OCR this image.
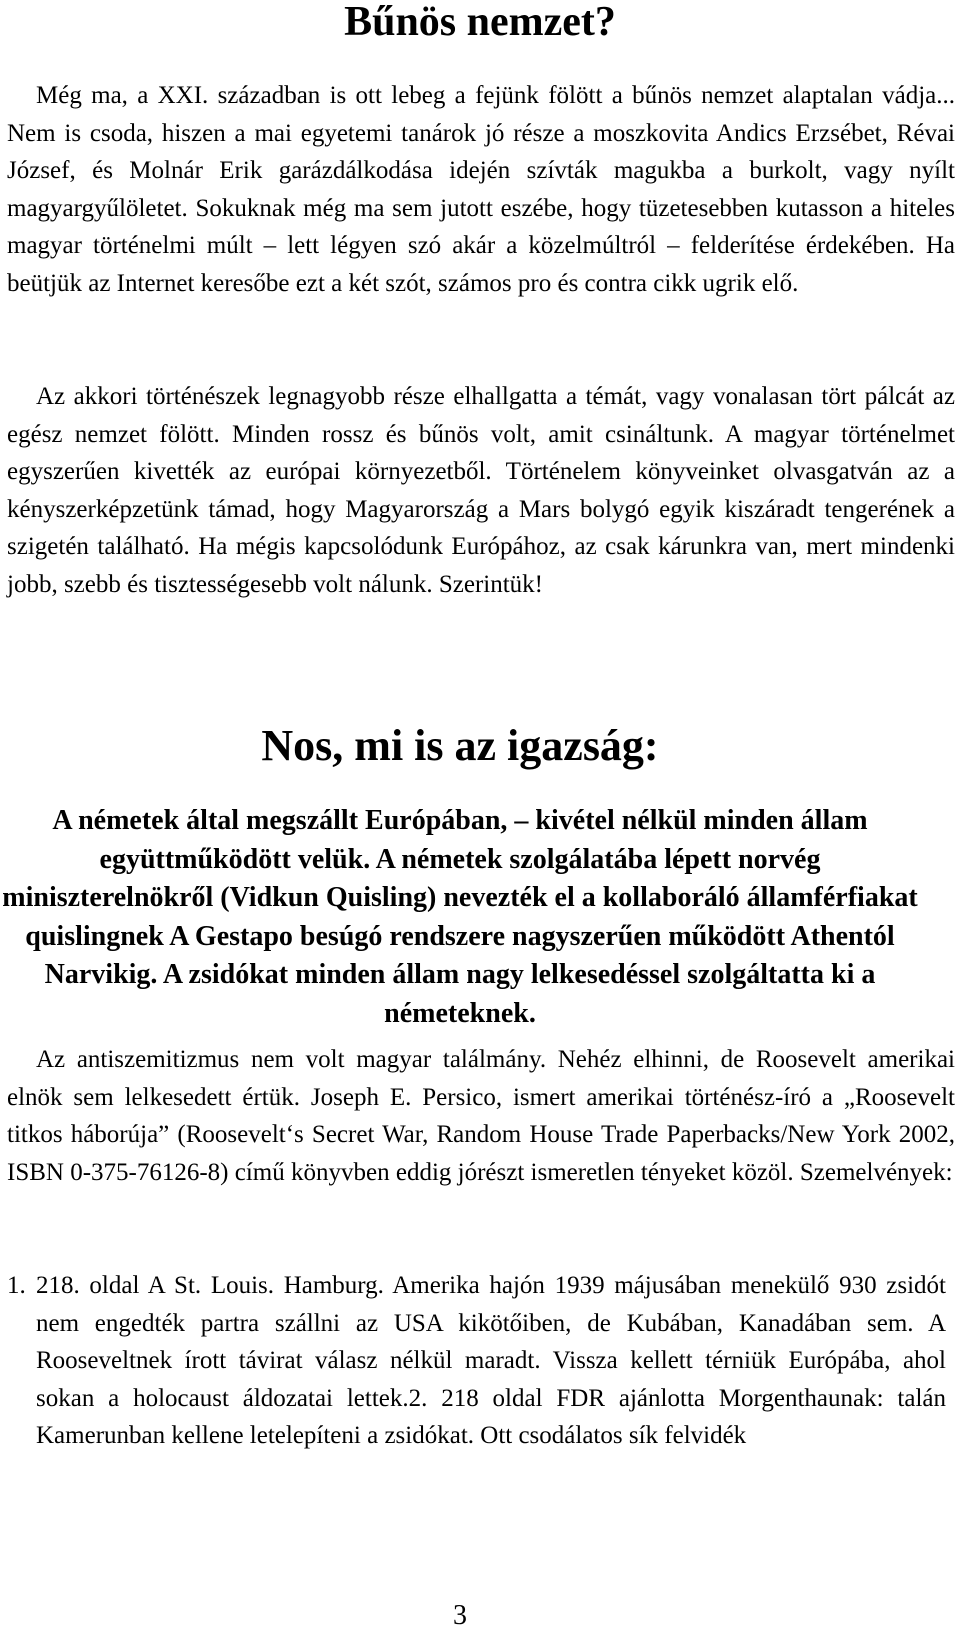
Bűnös nemzet?

Még ma, a XXI. században is ott lebeg a fejünk fölött a bűnös nemzet alaptalan vádja... Nem is csoda, hiszen a mai egyetemi tanárok jó része a moszkovita Andics Erzsébet, Révai József, és Molnár Erik garázdálkodása idején szívták magukba a burkolt, vagy nyílt magyargyűlöletet. Sokuknak még ma sem jutott eszébe, hogy tüzetesebben kutasson a hiteles magyar történelmi múlt – lett légyen szó akár a közelmúltról – felderítése érdekében. Ha beütjük az Internet keresőbe ezt a két szót, számos pro és contra cikk ugrik elő.

Az akkori történészek legnagyobb része elhallgatta a témát, vagy vonalasan tört pálcát az egész nemzet fölött. Minden rossz és bűnös volt, amit csináltunk. A magyar történelmet egyszerűen kivették az európai környezetből. Történelem könyveinket olvasgatván az a kényszerképzetünk támad, hogy Magyarország a Mars bolygó egyik kiszáradt tengerének a szigetén található. Ha mégis kapcsolódunk Európához, az csak kárunkra van, mert mindenki jobb, szebb és tisztességesebb volt nálunk. Szerintük!

Nos, mi is az igazság:

A németek által megszállt Európában, – kivétel nélkül minden állam együttműködött velük. A németek szolgálatába lépett norvég miniszterelnökről (Vidkun Quisling) nevezték el a kollaboráló államférfiakat quislingnek A Gestapo besúgó rendszere nagyszerűen működött Athentól Narvikig. A zsidókat minden állam nagy lelkesedéssel szolgáltatta ki a németeknek.

Az antiszemitizmus nem volt magyar találmány. Nehéz elhinni, de Roosevelt amerikai elnök sem lelkesedett értük. Joseph E. Persico, ismert amerikai történész-író a „Roosevelt titkos háborúja” (Roosevelt‘s Secret War, Random House Trade Paperbacks/New York 2002, ISBN 0-375-76126-8) című könyvben eddig jórészt ismeretlen tényeket közöl. Szemelvények:

1. 218. oldal A St. Louis. Hamburg. Amerika hajón 1939 májusában menekülő 930 zsidót nem engedték partra szállni az USA kikötőiben, de Kubában, Kanadában sem. A Rooseveltnek írott távirat válasz nélkül maradt. Vissza kellett térniük Európába, ahol sokan a holocaust áldozatai lettek.2. 218 oldal FDR ajánlotta Morgenthaunak: talán Kamerunban kellene letelepíteni a zsidókat. Ott csodálatos sík felvidék

3
